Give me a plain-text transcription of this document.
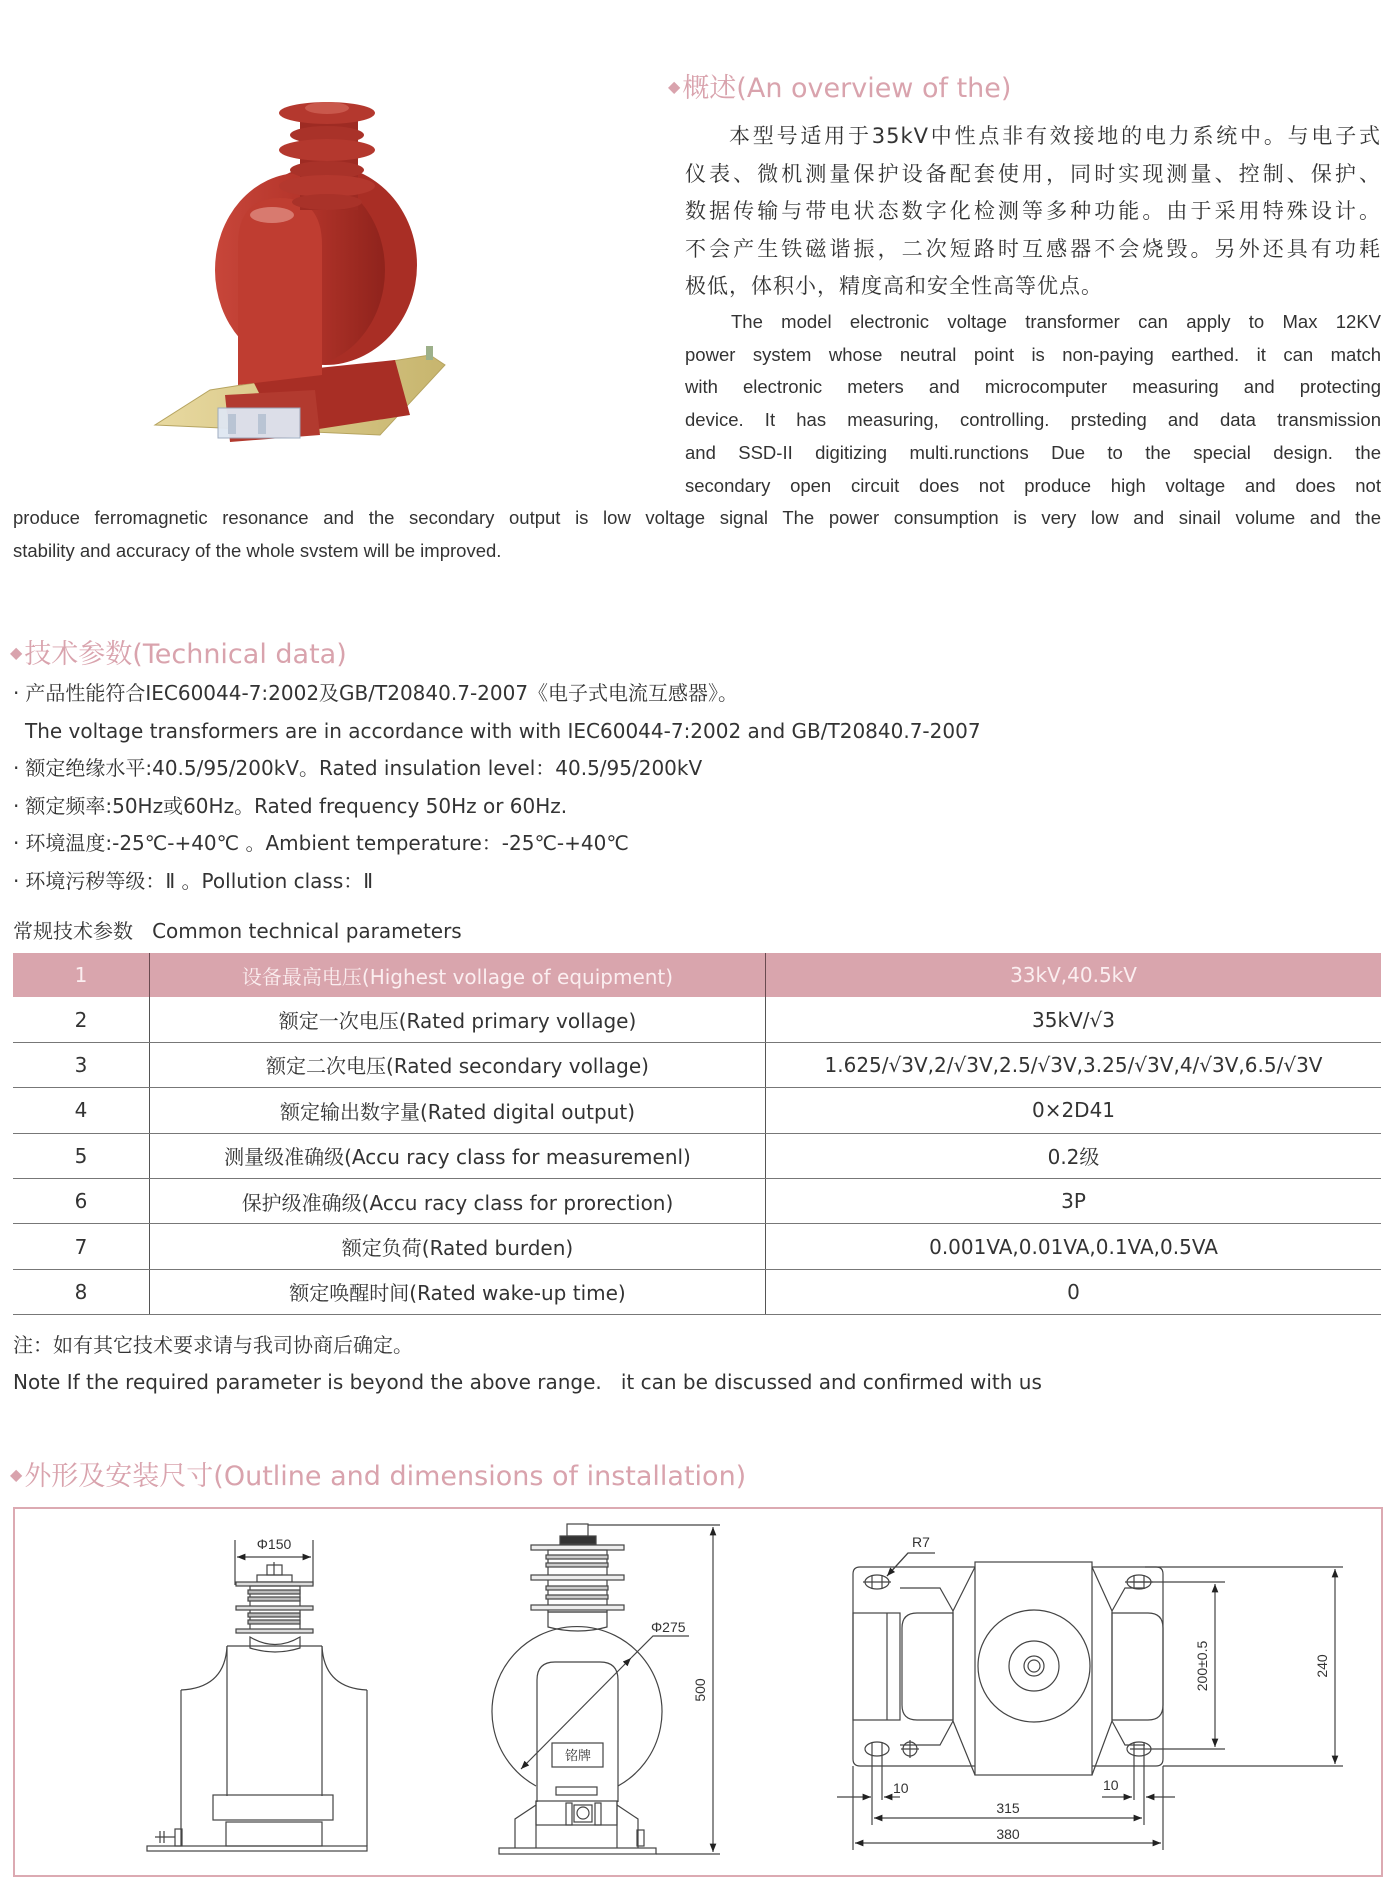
◆概述(An overview of the)
本型号适用于35kV中性点非有效接地的电力系统中。与电子式
仪表、微机测量保护设备配套使用，同时实现测量、控制、保护、
数据传输与带电状态数字化检测等多种功能。由于采用特殊设计。
不会产生铁磁谐振，二次短路时互感器不会烧毁。另外还具有功耗
极低，体积小，精度高和安全性高等优点。
The model electronic voltage transformer can apply to Max 12KV
power system whose neutral point is non-paying earthed. it can match
with electronic meters and microcomputer measuring and protecting
device. It has measuring, controlling. prsteding and data transmission
and SSD-II digitizing multi.runctions Due to the special design. the
secondary open circuit does not produce high voltage and does not
produce ferromagnetic resonance and the secondary output is low voltage signal The power consumption is very low and sinail volume and the
stability and accuracy of the whole svstem will be improved.
◆技术参数(Technical data)
· 产品性能符合IEC60044-7:2002及GB/T20840.7-2007《电子式电流互感器》。
The voltage transformers are in accordance with with IEC60044-7:2002 and GB/T20840.7-2007
· 额定绝缘水平:40.5/95/200kV。Rated insulation level：40.5/95/200kV
· 额定频率:50Hz或60Hz。Rated frequency 50Hz or 60Hz.
· 环境温度:-25℃-+40℃ 。Ambient temperature：-25℃-+40℃
· 环境污秽等级：Ⅱ 。Pollution class：Ⅱ
常规技术参数   Common technical parameters
1	设备最高电压(Highest vollage of equipment)	33kV,40.5kV
2	额定一次电压(Rated primary vollage)	35kV/√3
3	额定二次电压(Rated secondary vollage)	1.625/√3V,2/√3V,2.5/√3V,3.25/√3V,4/√3V,6.5/√3V
4	额定输出数字量(Rated digital output)	0×2D41
5	测量级准确级(Accu racy class for measuremenl)	0.2级
6	保护级准确级(Accu racy class for prorection)	3P
7	额定负荷(Rated burden)	0.001VA,0.01VA,0.1VA,0.5VA
8	额定唤醒时间(Rated wake-up time)	0
注：如有其它技术要求请与我司协商后确定。
Note If the required parameter is beyond the above range.   it can be discussed and confirmed with us
◆外形及安装尺寸(Outline and dimensions of installation)
Φ150
Φ275
500
铭牌
R7
10	10
315
380
200±0.5	240
